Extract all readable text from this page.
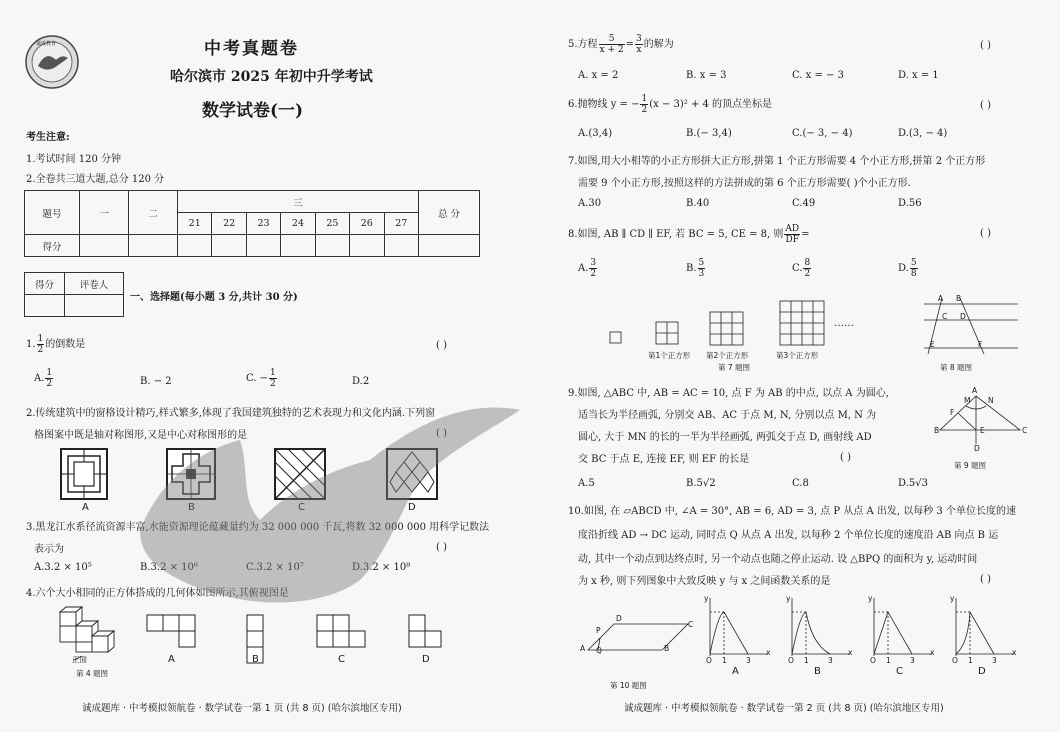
诚成教育	中考真题卷
哈尔滨市 2025 年初中升学考试
数学试卷(一)
考生注意:
1.考试时间 120 分钟
2.全卷共三道大题,总分 120 分
题号	一	二	三							总 分
			21	22	23	24	25	26	27	
得分										
得分	评卷人

一、选择题(每小题 3 分,共计 30 分)
1. $\frac{1}{2}$ 的倒数是	( )
A. $\frac{1}{2}$	B. − 2	C. − $\frac{1}{2}$	D.2
2.传统建筑中的窗格设计精巧,样式繁多,体现了我国建筑独特的艺术表现力和文化内涵.下列窗
格图案中既是轴对称图形,又是中心对称图形的是	( )
A	B	C	D
3.黑龙江水系径流资源丰富,水能资源理论蕴藏量约为 32 000 000 千瓦,将数 32 000 000 用科学记数法
表示为	( )
A.3.2 × 10⁵	B.3.2 × 10⁶	C.3.2 × 10⁷	D.3.2 × 10⁸
4.六个大小相同的正方体搭成的几何体如图所示,其俯视图是
正面
第 4 题图
A	B	C	D
诚成题库 · 中考模拟领航卷 · 数学试卷一第 1 页 (共 8 页) (哈尔滨地区专用)
5.方程 $\frac{5}{x + 2} = \frac{3}{x}$ 的解为	( )
A. x = 2	B. x = 3	C. x = − 3	D. x = 1
6.抛物线 y = − $\frac{1}{2} (x - 3)^2 + 4$ 的顶点坐标是	( )
A.(3,4)	B.(− 3,4)	C.(− 3, − 4)	D.(3, − 4)
7.如图,用大小相等的小正方形拼大正方形,拼第 1 个正方形需要 4 个小正方形,拼第 2 个正方形
需要 9 个小正方形,按照这样的方法拼成的第 6 个正方形需要( )个小正方形.
A.30	B.40	C.49	D.56
8.如图, AB ∥ CD ∥ EF, 若 BC = 5, CE = 8, 则 $\frac{AD}{DF}$ =	( )
A. $\frac{3}{2}$	B. $\frac{5}{3}$	C. $\frac{8}{2}$	D. $\frac{5}{8}$
第1个正方形 第2个正方形	第3个正方形
……
第 7 题图
A B
C D
E	F
第 8 题图
9.如图, △ABC 中, AB = AC = 10, 点 F 为 AB 的中点, 以点 A 为圆心,
适当长为半径画弧, 分别交 AB、AC 于点 M, N, 分别以点 M, N 为
圆心, 大于 MN 的长的一半为半径画弧, 两弧交于点 D, 画射线 AD
交 BC 于点 E, 连接 EF, 则 EF 的长是	( )
A.5	B.5√2	C.8	D.5√3
A
B	C
D
E
F
M N
第 9 题图
10.如图, 在 ▱ABCD 中, ∠A = 30°, AB = 6, AD = 3, 点 P 从点 A 出发, 以每秒 3 个单位长度的速
度沿折线 AD → DC 运动, 同时点 Q 从点 A 出发, 以每秒 2 个单位长度的速度沿 AB 向点 B 运
动, 其中一个动点到达终点时, 另一个动点也随之停止运动. 设 △BPQ 的面积为 y, 运动时间
为 x 秒, 则下列图象中大致反映 y 与 x 之间函数关系的是	( )
A	B
C
D
P
Q
第 10 题图
y
x
O 1	3
y
x
O 1	3
y
x
O 1	3
y
x
O 1	3
A	B	C	D
诚成题库 · 中考模拟领航卷 · 数学试卷一第 2 页 (共 8 页) (哈尔滨地区专用)
